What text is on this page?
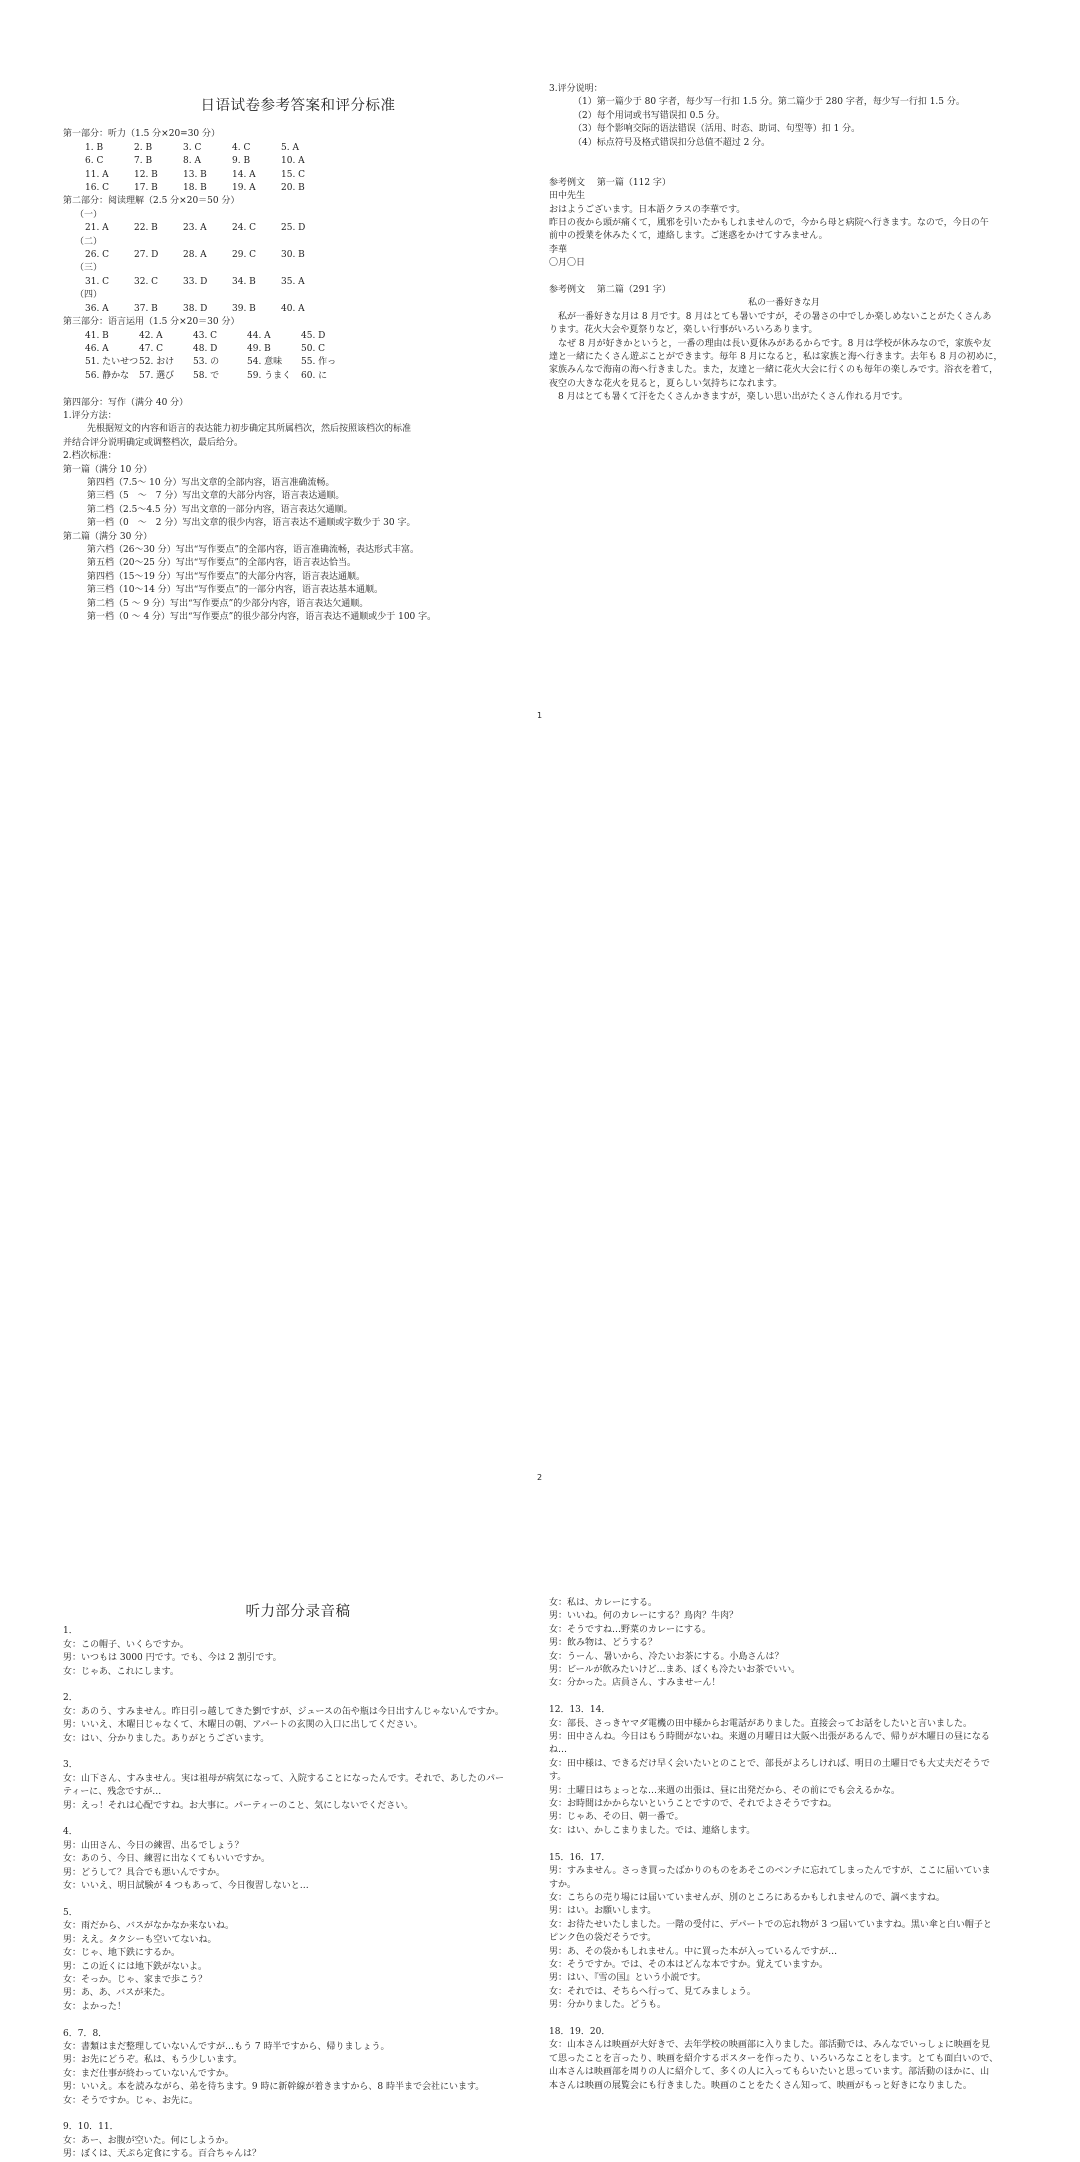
日语试卷参考答案和评分标准
第一部分：听力（1.5 分×20=30 分）
1. B	2. B	3. C	4. C	5. A
6. C	7. B	8. A	9. B	10. A
11. A	12. B	13. B	14. A	15. C
16. C	17. B	18. B	19. A	20. B
第二部分：阅读理解（2.5 分×20＝50 分）
（一）
21. A	22. B	23. A	24. C	25. D
（二）
26. C	27. D	28. A	29. C	30. B
（三）
31. C	32. C	33. D	34. B	35. A
（四）
36. A	37. B	38. D	39. B	40. A
第三部分：语言运用（1.5 分×20＝30 分）
41. B	42. A	43. C	44. A	45. D
46. A	47. C	48. D	49. B	50. C
51. たいせつ	52. おけ	53. の	54. 意味	55. 作っ
56. 静かな	57. 選び	58. で	59. うまく	60. に
第四部分：写作（满分 40 分）
1.评分方法：
先根据短文的内容和语言的表达能力初步确定其所属档次，然后按照该档次的标准
并结合评分说明确定或调整档次，最后给分。
2.档次标准：
第一篇（满分 10 分）
第四档（7.5～ 10 分）写出文章的全部内容，语言准确流畅。
第三档（5　～　7 分）写出文章的大部分内容，语言表达通顺。
第二档（2.5～4.5 分）写出文章的一部分内容，语言表达欠通顺。
第一档（0　～　2 分）写出文章的很少内容，语言表达不通顺或字数少于 30 字。
第二篇（满分 30 分）
第六档（26～30 分）写出“写作要点”的全部内容，语言准确流畅，表达形式丰富。
第五档（20～25 分）写出“写作要点”的全部内容，语言表达恰当。
第四档（15～19 分）写出“写作要点”的大部分内容，语言表达通顺。
第三档（10～14 分）写出“写作要点”的一部分内容，语言表达基本通顺。
第二档（5 ～ 9 分）写出“写作要点”的少部分内容，语言表达欠通顺。
第一档（0 ～ 4 分）写出“写作要点”的很少部分内容，语言表达不通顺或少于 100 字。
3.评分说明：
（1）第一篇少于 80 字者，每少写一行扣 1.5 分。第二篇少于 280 字者，每少写一行扣 1.5 分。
（2）每个用词或书写错误扣 0.5 分。
（3）每个影响交际的语法错误（活用、时态、助词、句型等）扣 1 分。
（4）标点符号及格式错误扣分总值不超过 2 分。
参考例文　 第一篇（112 字）
田中先生
おはようございます。日本語クラスの李華です。
昨日の夜から頭が痛くて，風邪を引いたかもしれませんので，今から母と病院へ行きます。なので，今日の午
前中の授業を休みたくて，連絡します。ご迷惑をかけてすみません。
李華
〇月〇日
参考例文　 第二篇（291 字）
私の一番好きな月
　私が一番好きな月は 8 月です。8 月はとても暑いですが，その暑さの中でしか楽しめないことがたくさんあ
ります。花火大会や夏祭りなど，楽しい行事がいろいろあります。
　なぜ 8 月が好きかというと，一番の理由は長い夏休みがあるからです。8 月は学校が休みなので，家族や友
達と一緒にたくさん遊ぶことができます。毎年 8 月になると，私は家族と海へ行きます。去年も 8 月の初めに，
家族みんなで海南の海へ行きました。また，友達と一緒に花火大会に行くのも毎年の楽しみです。浴衣を着て，
夜空の大きな花火を見ると，夏らしい気持ちになれます。
　8 月はとても暑くて汗をたくさんかきますが，楽しい思い出がたくさん作れる月です。
1
听力部分录音稿
1．
女：この帽子、いくらですか。
男：いつもは 3000 円です。でも、今は 2 割引です。
女：じゃあ、これにします。
2．
女：あのう、すみません。昨日引っ越してきた劉ですが、ジュースの缶や瓶は今日出すんじゃないんですか。
男：いいえ、木曜日じゃなくて、木曜日の朝、アパートの玄関の入口に出してください。
女：はい、分かりました。ありがとうございます。
3．
女：山下さん、すみません。実は祖母が病気になって、入院することになったんです。それで、あしたのパー
ティーに、残念ですが…
男：えっ！それは心配ですね。お大事に。パーティーのこと、気にしないでください。
4．
男：山田さん、今日の練習、出るでしょう？
女：あのう、今日、練習に出なくてもいいですか。
男：どうして？具合でも悪いんですか。
女：いいえ、明日試験が 4 つもあって、今日復習しないと…
5．
女：雨だから、バスがなかなか来ないね。
男：ええ。タクシーも空いてないね。
女：じゃ、地下鉄にするか。
男：この近くには地下鉄がないよ。
女：そっか。じゃ、家まで歩こう？
男：あ、あ、バスが来た。
女：よかった！
6．7．8．
女：書類はまだ整理していないんですが…もう 7 時半ですから、帰りましょう。
男：お先にどうぞ。私は、もう少しいます。
女：まだ仕事が終わっていないんですか。
男：いいえ。本を読みながら、弟を待ちます。9 時に新幹線が着きますから、8 時半まで会社にいます。
女：そうですか。じゃ、お先に。
9．10．11．
女：あー、お腹が空いた。何にしようか。
男：ぼくは、天ぷら定食にする。百合ちゃんは？
女：私は、カレーにする。
男：いいね。何のカレーにする？鳥肉？牛肉？
女：そうですね…野菜のカレーにする。
男：飲み物は、どうする？
女：うーん、暑いから、冷たいお茶にする。小島さんは？
男：ビールが飲みたいけど…まあ、ぼくも冷たいお茶でいい。
女：分かった。店員さん、すみませーん！
12．13．14．
女：部長、さっきヤマダ電機の田中様からお電話がありました。直接会ってお話をしたいと言いました。
男：田中さんね。今日はもう時間がないね。来週の月曜日は大阪へ出張があるんで、帰りが木曜日の昼になる
ね…
女：田中様は、できるだけ早く会いたいとのことで、部長がよろしければ、明日の土曜日でも大丈夫だそうで
す。
男：土曜日はちょっとな…来週の出張は、昼に出発だから、その前にでも会えるかな。
女：お時間はかからないということですので、それでよさそうですね。
男：じゃあ、その日、朝一番で。
女：はい、かしこまりました。では、連絡します。
15．16．17．
男：すみません。さっき買ったばかりのものをあそこのベンチに忘れてしまったんですが、ここに届いていま
すか。
女：こちらの売り場には届いていませんが、別のところにあるかもしれませんので、調べますね。
男：はい。お願いします。
女：お待たせいたしました。一階の受付に、デパートでの忘れ物が 3 つ届いていますね。黒い傘と白い帽子と
ピンク色の袋だそうです。
男：あ、その袋かもしれません。中に買った本が入っているんですが…
女：そうですか。では、その本はどんな本ですか。覚えていますか。
男：はい、『雪の国』という小説です。
女：それでは、そちらへ行って、見てみましょう。
男：分かりました。どうも。
18．19．20．
女：山本さんは映画が大好きで、去年学校の映画部に入りました。部活動では、みんなでいっしょに映画を見
て思ったことを言ったり、映画を紹介するポスターを作ったり、いろいろなことをします。とても面白いので、
山本さんは映画部を周りの人に紹介して、多くの人に入ってもらいたいと思っています。部活動のほかに、山
本さんは映画の展覧会にも行きました。映画のことをたくさん知って、映画がもっと好きになりました。
2
